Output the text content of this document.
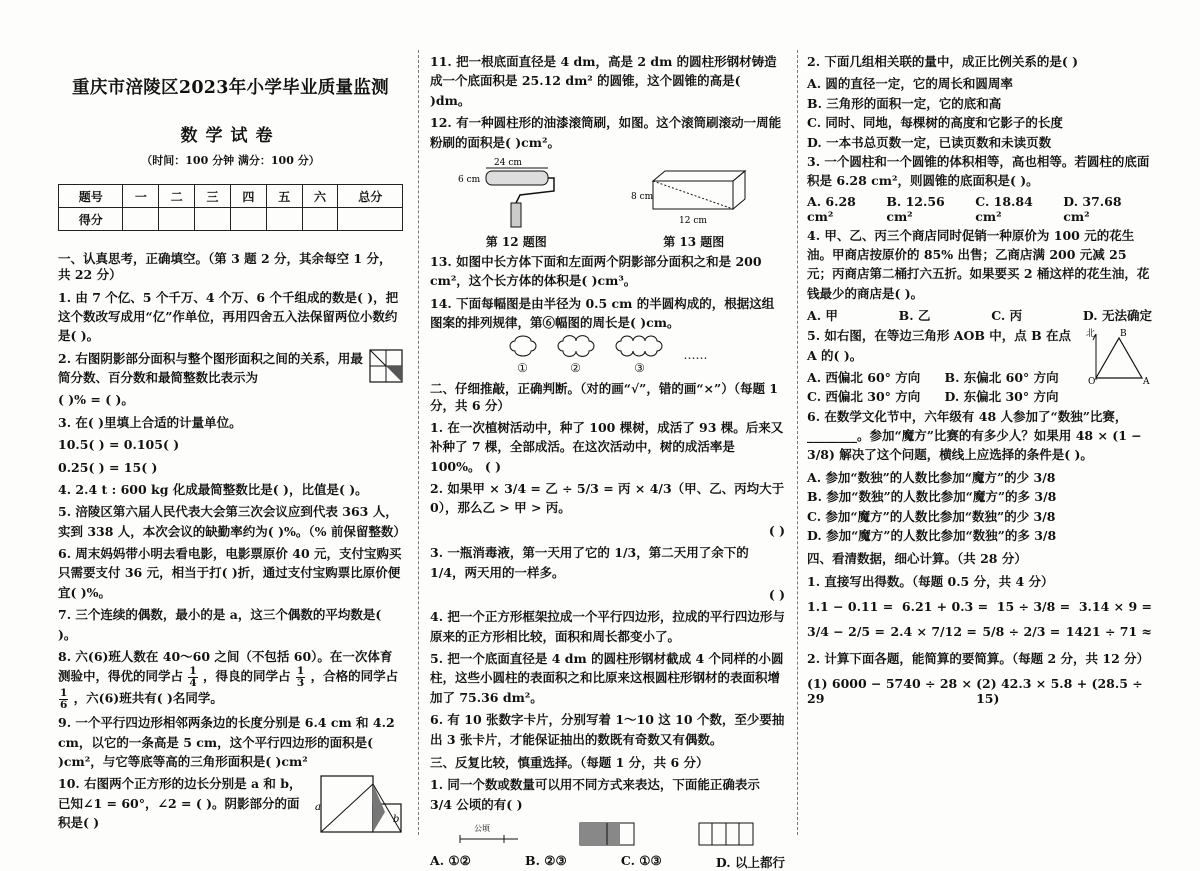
重庆市涪陵区2023年小学毕业质量监测
数学试卷
（时间：100 分钟 满分：100 分）
题号	一	二	三	四	五	六	总分
得分							
一、认真思考，正确填空。（第 3 题 2 分，其余每空 1 分，共 22 分）
1. 由 7 个亿、5 个千万、4 个万、6 个千组成的数是( )，把这个数改写成用“亿”作单位，再用四舍五入法保留两位小数约是( )。
2. 右图阴影部分面积与整个图形面积之间的关系，用最简分数、百分数和最简整数比表示为
( )% = ( )。
3. 在( )里填上合适的计量单位。
10.5( ) = 0.105( )
0.25( ) = 15( )
4. 2.4 t : 600 kg 化成最简整数比是( )，比值是( )。
5. 涪陵区第六届人民代表大会第三次会议应到代表 363 人，实到 338 人，本次会议的缺勤率约为( )%。（% 前保留整数）
6. 周末妈妈带小明去看电影，电影票原价 40 元，支付宝购买只需要支付 36 元，相当于打( )折，通过支付宝购票比原价便宜( )%。
7. 三个连续的偶数，最小的是 a，这三个偶数的平均数是( )。
8. 六(6)班人数在 40～60 之间（不包括 60）。在一次体育测验中，得优的同学占 $\frac{1}{4}$ ，得良的同学占 $\frac{1}{3}$ ，合格的同学占
$\frac{1}{6}$ ，六(6)班共有( )名同学。
9. 一个平行四边形相邻两条边的长度分别是 6.4 cm 和 4.2 cm，以它的一条高是 5 cm，这个平行四边形的面积是( )cm²，与它等底等高的三角形面积是( )cm²
10. 右图两个正方形的边长分别是 a 和 b，已知∠1 = 60°，∠2 = ( )。阴影部分的面积是( )
a
b
11. 把一根底面直径是 4 dm，高是 2 dm 的圆柱形钢材铸造成一个底面积是 25.12 dm² 的圆锥，这个圆锥的高是( )dm。
12. 有一种圆柱形的油漆滚筒刷，如图。这个滚筒刷滚动一周能粉刷的面积是( )cm²。
24 cm
6 cm
第 12 题图
8 cm
12 cm
第 13 题图
13. 如图中长方体下面和左面两个阴影部分面积之和是 200 cm²，这个长方体的体积是( )cm³。
14. 下面每幅图是由半径为 0.5 cm 的半圆构成的，根据这组图案的排列规律，第⑥幅图的周长是( )cm。
①	②	③
……
二、仔细推敲，正确判断。（对的画“√”，错的画“×”）（每题 1 分，共 6 分）
1. 在一次植树活动中，种了 100 棵树，成活了 93 棵。后来又补种了 7 棵，全部成活。在这次活动中，树的成活率是 100%。 ( )
2. 如果甲 × 3/4 = 乙 ÷ 5/3 = 丙 × 4/3（甲、乙、丙均大于 0），那么乙 > 甲 > 丙。
( )
3. 一瓶消毒液，第一天用了它的 1/3，第二天用了余下的 1/4，两天用的一样多。
( )
4. 把一个正方形框架拉成一个平行四边形，拉成的平行四边形与原来的正方形相比较，面积和周长都变小了。
5. 把一个底面直径是 4 dm 的圆柱形钢材截成 4 个同样的小圆柱，这些小圆柱的表面积之和比原来这根圆柱形钢材的表面积增加了 75.36 dm²。
6. 有 10 张数字卡片，分别写着 1～10 这 10 个数，至少要抽出 3 张卡片，才能保证抽出的数既有奇数又有偶数。
三、反复比较，慎重选择。（每题 1 分，共 6 分）
1. 同一个数或数量可以用不同方式来表达，下面能正确表示 3/4 公顷的有( )
公顷
A. ①②	B. ②③	C. ①③	D. 以上都行
2. 下面几组相关联的量中，成正比例关系的是( )
A. 圆的直径一定，它的周长和圆周率
B. 三角形的面积一定，它的底和高
C. 同时、同地，每棵树的高度和它影子的长度
D. 一本书总页数一定，已读页数和未读页数
3. 一个圆柱和一个圆锥的体积相等，高也相等。若圆柱的底面积是 6.28 cm²，则圆锥的底面积是( )。
A. 6.28 cm²
B. 12.56 cm²
C. 18.84 cm²
D. 37.68 cm²
4. 甲、乙、丙三个商店同时促销一种原价为 100 元的花生油。甲商店按原价的 85% 出售；乙商店满 200 元减 25 元；丙商店第二桶打六五折。如果要买 2 桶这样的花生油，花钱最少的商店是( )。
A. 甲	B. 乙	C. 丙	D. 无法确定
5. 如右图，在等边三角形 AOB 中，点 B 在点 A 的( )。
A. 西偏北 60° 方向	B. 东偏北 60° 方向
C. 西偏北 30° 方向	D. 东偏北 30° 方向
北	B
O	A
6. 在数学文化节中，六年级有 48 人参加了“数独”比赛，________。参加“魔方”比赛的有多少人？如果用 48 × (1 − 3/8) 解决了这个问题，横线上应选择的条件是( )。
A. 参加“数独”的人数比参加“魔方”的少 3/8
B. 参加“数独”的人数比参加“魔方”的多 3/8
C. 参加“魔方”的人数比参加“数独”的少 3/8
D. 参加“魔方”的人数比参加“数独”的多 3/8
四、看清数据，细心计算。（共 28 分）
1. 直接写出得数。（每题 0.5 分，共 4 分）
1.1 − 0.11 = 6.21 + 0.3 = 15 ÷ 3/8 = 3.14 × 9 =
3/4 − 2/5 = 2.4 × 7/12 = 5/8 ÷ 2/3 = 1421 ÷ 71 ≈
2. 计算下面各题，能简算的要简算。（每题 2 分，共 12 分）
(1) 6000 − 5740 ÷ 28 × 29
(2) 42.3 × 5.8 + (28.5 ÷ 15)
